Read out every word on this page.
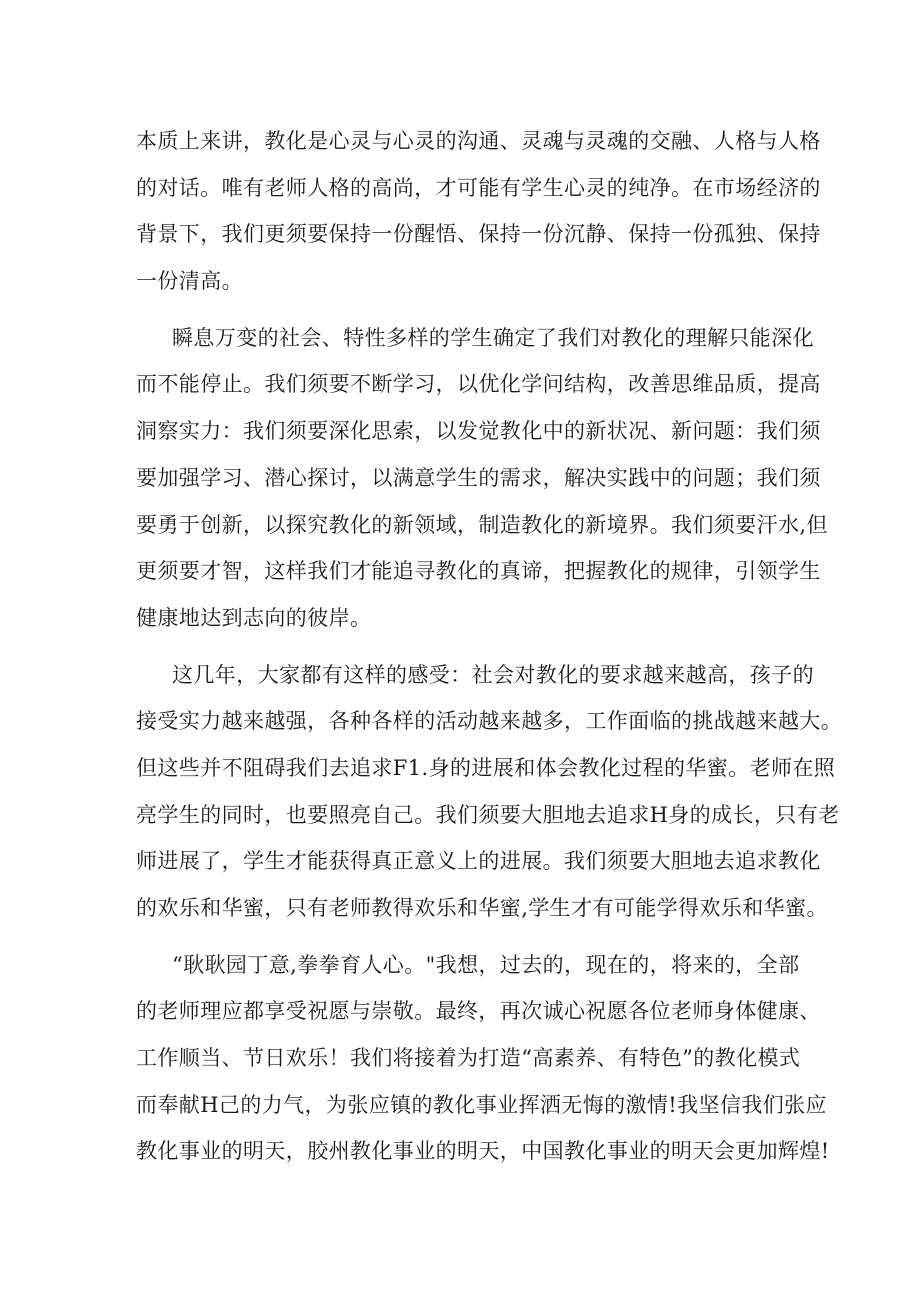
本质上来讲，教化是心灵与心灵的沟通、灵魂与灵魂的交融、人格与人格
的对话。唯有老师人格的高尚，才可能有学生心灵的纯净。在市场经济的
背景下，我们更须要保持一份醒悟、保持一份沉静、保持一份孤独、保持
一份清高。
瞬息万变的社会、特性多样的学生确定了我们对教化的理解只能深化
而不能停止。我们须要不断学习，以优化学问结构，改善思维品质，提高
洞察实力：我们须要深化思索，以发觉教化中的新状况、新问题：我们须
要加强学习、潜心探讨，以满意学生的需求，解决实践中的问题；我们须
要勇于创新，以探究教化的新领域，制造教化的新境界。我们须要汗水,但
更须要才智，这样我们才能追寻教化的真谛，把握教化的规律，引领学生
健康地达到志向的彼岸。
这几年，大家都有这样的感受：社会对教化的要求越来越高，孩子的
接受实力越来越强，各种各样的活动越来越多，工作面临的挑战越来越大。
但这些并不阻碍我们去追求F1.身的进展和体会教化过程的华蜜。老师在照
亮学生的同时，也要照亮自己。我们须要大胆地去追求H身的成长，只有老
师进展了，学生才能获得真正意义上的进展。我们须要大胆地去追求教化
的欢乐和华蜜，只有老师教得欢乐和华蜜,学生才有可能学得欢乐和华蜜。
“耿耿园丁意,拳拳育人心。"我想，过去的，现在的，将来的，全部
的老师理应都享受祝愿与崇敬。最终，再次诚心祝愿各位老师身体健康、
工作顺当、节日欢乐！我们将接着为打造“高素养、有特色”的教化模式
而奉献H己的力气，为张应镇的教化事业挥洒无悔的激情!我坚信我们张应
教化事业的明天，胶州教化事业的明天，中国教化事业的明天会更加辉煌!
